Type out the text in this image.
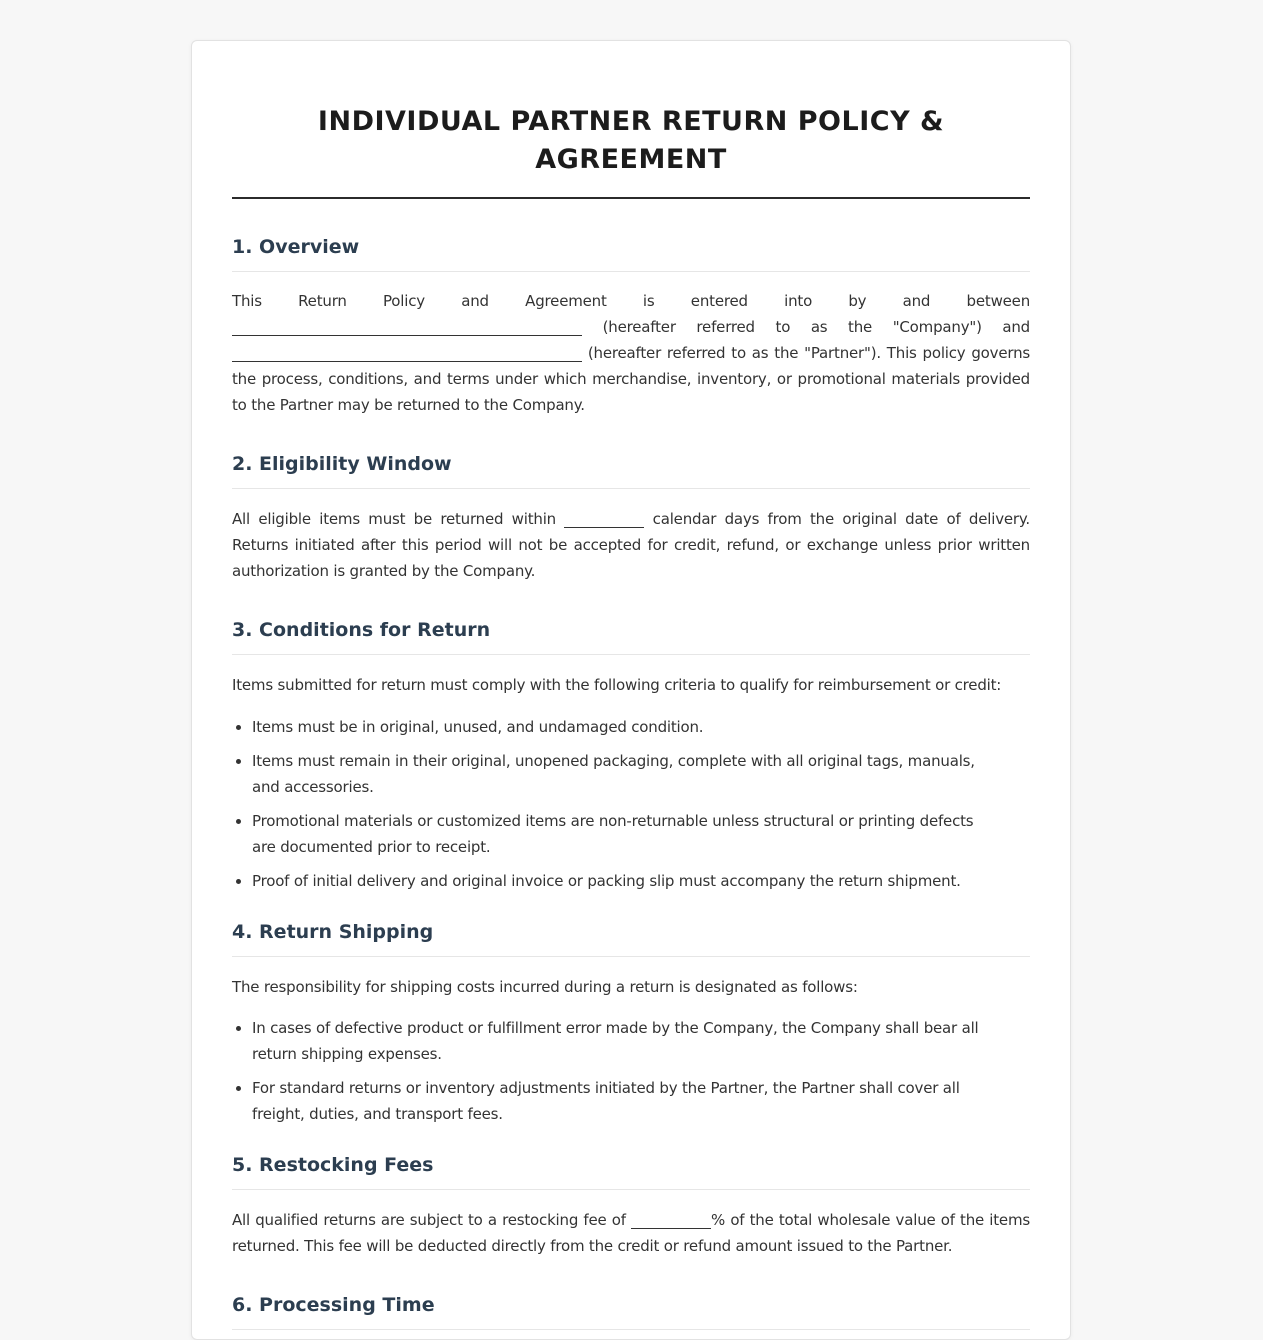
INDIVIDUAL PARTNER RETURN POLICY & AGREEMENT
1. Overview

This Return Policy and Agreement is entered into by and between  (hereafter referred to as the "Company") and  (hereafter referred to as the "Partner"). This policy governs the process, conditions, and terms under which merchandise, inventory, or promotional materials provided to the Partner may be returned to the Company.

2. Eligibility Window

All eligible items must be returned within	calendar days from the original date of delivery. Returns initiated after this period will not be accepted for credit, refund, or exchange unless prior written authorization is granted by the Company.

3. Conditions for Return

Items submitted for return must comply with the following criteria to qualify for reimbursement or credit:

• Items must be in original, unused, and undamaged condition.
• Items must remain in their original, unopened packaging, complete with all original tags, manuals, and accessories.
• Promotional materials or customized items are non-returnable unless structural or printing defects are documented prior to receipt.
• Proof of initial delivery and original invoice or packing slip must accompany the return shipment.
4. Return Shipping

The responsibility for shipping costs incurred during a return is designated as follows:

• In cases of defective product or fulfillment error made by the Company, the Company shall bear all return shipping expenses.
• For standard returns or inventory adjustments initiated by the Partner, the Partner shall cover all freight, duties, and transport fees.
5. Restocking Fees

All qualified returns are subject to a restocking fee of	% of the total wholesale value of the items returned. This fee will be deducted directly from the credit or refund amount issued to the Partner.

6. Processing Time
